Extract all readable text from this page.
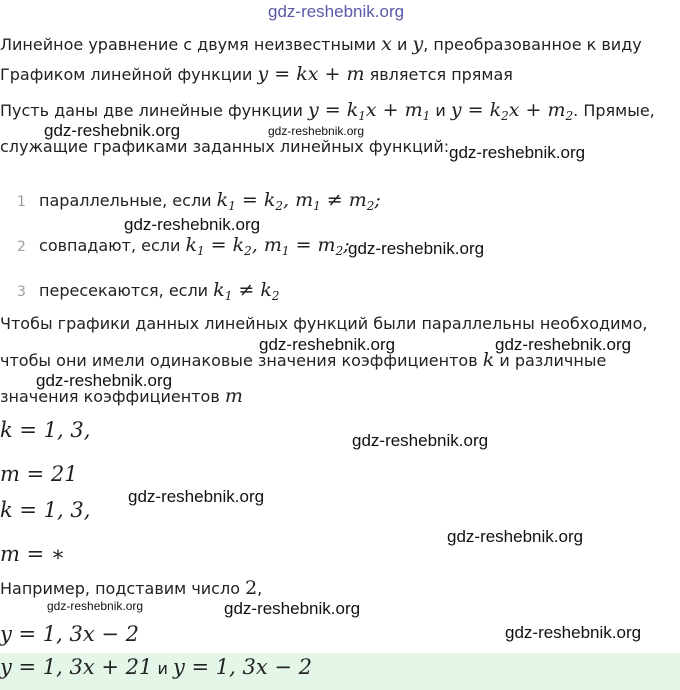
gdz-reshebnik.org
gdz-reshebnik.org	gdz-reshebnik.org
gdz-reshebnik.org
gdz-reshebnik.org
gdz-reshebnik.org
gdz-reshebnik.org	gdz-reshebnik.org
gdz-reshebnik.org
gdz-reshebnik.org
gdz-reshebnik.org
gdz-reshebnik.org
gdz-reshebnik.org	gdz-reshebnik.org
gdz-reshebnik.org
Линейное уравнение с двумя неизвестными x и y, преобразованное к виду
Графиком линейной функции y = kx + m является прямая
Пусть даны две линейные функции $y = k_1x + m_1$ и $y = k_2x + m_2$. Прямые,
служащие графиками заданных линейных функций:
1 параллельные, если $k_1 = k_2$, $m_1 \ne m_2$;
2 совпадают, если $k_1 = k_2$, $m_1 = m_2$;
3 пересекаются, если $k_1 \ne k_2$
Чтобы графики данных линейных функций были параллельны необходимо,
чтобы они имели одинаковые значения коэффициентов k и различные
значения коэффициентов m
k = 1, 3,
m = 21
k = 1, 3,
m = ∗
Например, подставим число 2,
y = 1, 3x − 2
y = 1, 3x + 21 и y = 1, 3x − 2
